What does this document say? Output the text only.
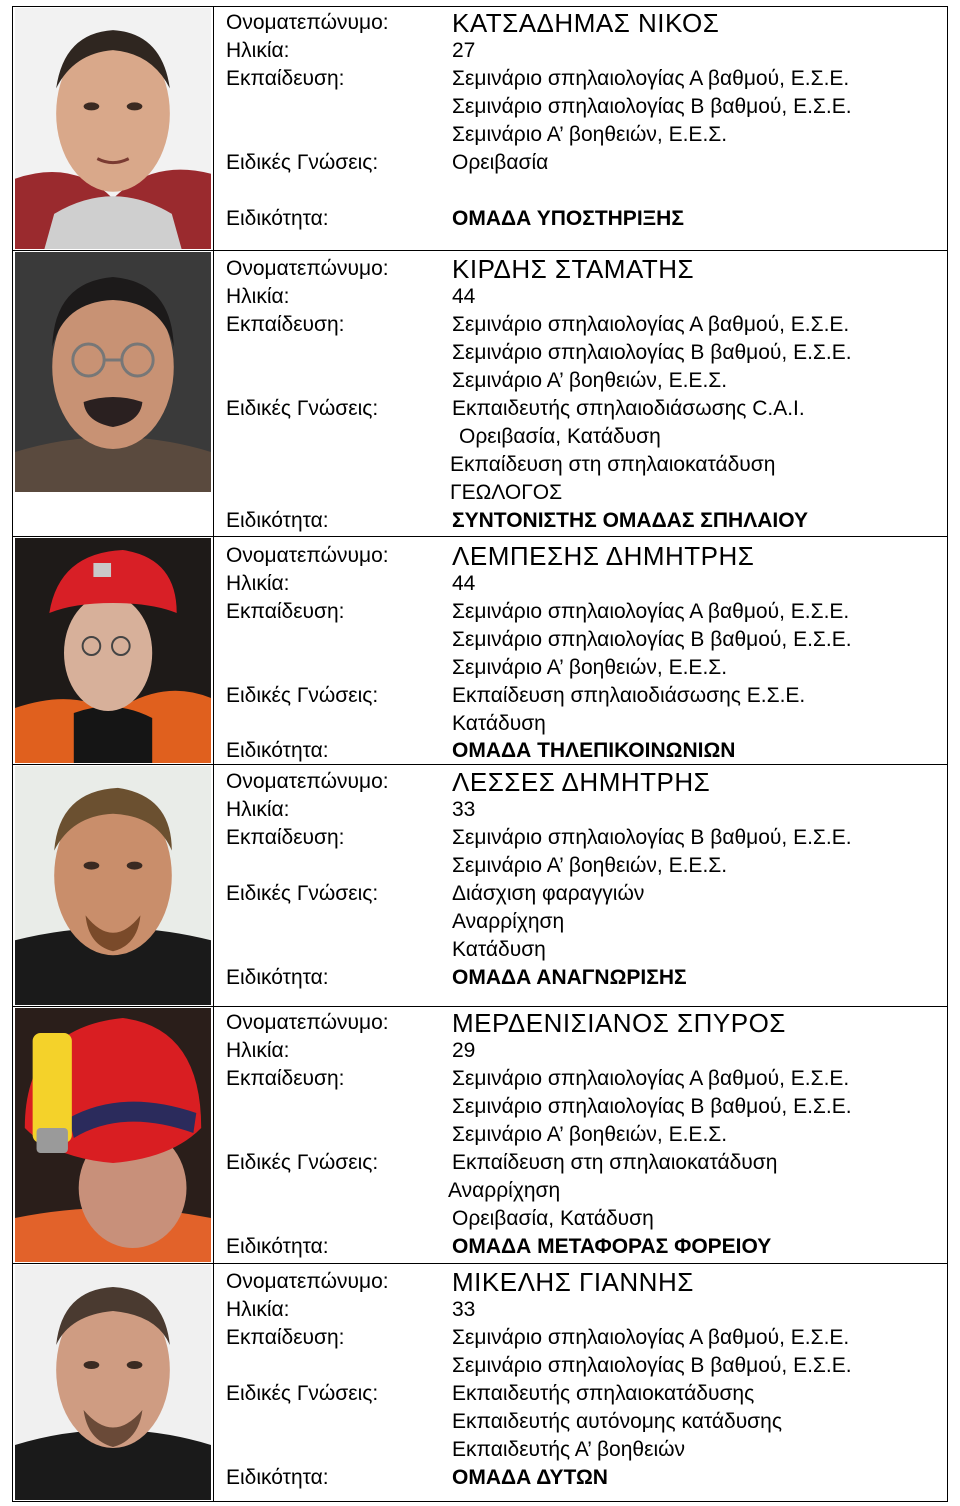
Ονοματεπώνυμο: ΚΑΤΣΑΔΗΜΑΣ ΝΙΚΟΣ
Ηλικία:	27
Εκπαίδευση:	Σεμινάριο σπηλαιολογίας Α βαθμού, Ε.Σ.Ε.
Σεμινάριο σπηλαιολογίας Β βαθμού, Ε.Σ.Ε.
Σεμινάριο Α’ βοηθειών, Ε.Ε.Σ.
Ειδικές Γνώσεις:	Ορειβασία
Ειδικότητα:	ΟΜΑΔΑ ΥΠΟΣΤΗΡΙΞΗΣ
Ονοματεπώνυμο: ΚΙΡΔΗΣ ΣΤΑΜΑΤΗΣ
Ηλικία:	44
Εκπαίδευση:	Σεμινάριο σπηλαιολογίας Α βαθμού, Ε.Σ.Ε.
Σεμινάριο σπηλαιολογίας Β βαθμού, Ε.Σ.Ε.
Σεμινάριο Α’ βοηθειών, Ε.Ε.Σ.
Ειδικές Γνώσεις:	Εκπαιδευτής σπηλαιοδιάσωσης C.A.I.
Ορειβασία, Κατάδυση
Εκπαίδευση στη σπηλαιοκατάδυση
ΓΕΩΛΟΓΟΣ
Ειδικότητα:	ΣΥΝΤΟΝΙΣΤΗΣ ΟΜΑΔΑΣ ΣΠΗΛΑΙΟΥ
Ονοματεπώνυμο: ΛΕΜΠΕΣΗΣ ΔΗΜΗΤΡΗΣ
Ηλικία:	44
Εκπαίδευση:	Σεμινάριο σπηλαιολογίας Α βαθμού, Ε.Σ.Ε.
Σεμινάριο σπηλαιολογίας Β βαθμού, Ε.Σ.Ε.
Σεμινάριο Α’ βοηθειών, Ε.Ε.Σ.
Ειδικές Γνώσεις:	Εκπαίδευση σπηλαιοδιάσωσης Ε.Σ.Ε.
Κατάδυση
Ειδικότητα:	ΟΜΑΔΑ ΤΗΛΕΠΙΚΟΙΝΩΝΙΩΝ
Ονοματεπώνυμο: ΛΕΣΣΕΣ ΔΗΜΗΤΡΗΣ
Ηλικία:	33
Εκπαίδευση:	Σεμινάριο σπηλαιολογίας Β βαθμού, Ε.Σ.Ε.
Σεμινάριο Α’ βοηθειών, Ε.Ε.Σ.
Ειδικές Γνώσεις:	Διάσχιση φαραγγιών
Αναρρίχηση
Κατάδυση
Ειδικότητα:	ΟΜΑΔΑ ΑΝΑΓΝΩΡΙΣΗΣ
Ονοματεπώνυμο: ΜΕΡΔΕΝΙΣΙΑΝΟΣ ΣΠΥΡΟΣ
Ηλικία:	29
Εκπαίδευση:	Σεμινάριο σπηλαιολογίας Α βαθμού, Ε.Σ.Ε.
Σεμινάριο σπηλαιολογίας Β βαθμού, Ε.Σ.Ε.
Σεμινάριο Α’ βοηθειών, Ε.Ε.Σ.
Ειδικές Γνώσεις:	Εκπαίδευση στη σπηλαιοκατάδυση
Αναρρίχηση
Ορειβασία, Κατάδυση
Ειδικότητα:	ΟΜΑΔΑ ΜΕΤΑΦΟΡΑΣ ΦΟΡΕΙΟΥ
Ονοματεπώνυμο: ΜΙΚΕΛΗΣ ΓΙΑΝΝΗΣ
Ηλικία:	33
Εκπαίδευση:	Σεμινάριο σπηλαιολογίας Α βαθμού, Ε.Σ.Ε.
Σεμινάριο σπηλαιολογίας Β βαθμού, Ε.Σ.Ε.
Ειδικές Γνώσεις:	Εκπαιδευτής σπηλαιοκατάδυσης
Εκπαιδευτής αυτόνομης κατάδυσης
Εκπαιδευτής Α’ βοηθειών
Ειδικότητα:	ΟΜΑΔΑ ΔΥΤΩΝ
